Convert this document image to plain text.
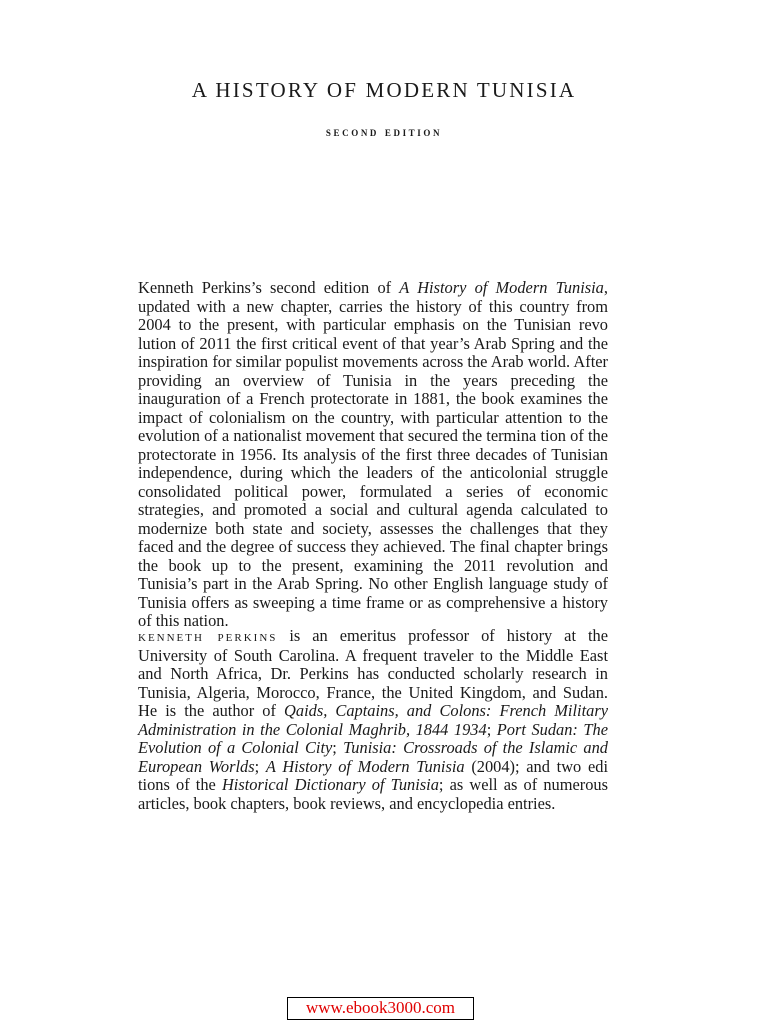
A HISTORY OF MODERN TUNISIA
second edition

Kenneth Perkins’s second edition of A History of Modern Tunisia, updated with a new chapter, carries the history of this country from 2004 to the present, with particular emphasis on the Tunisian revo lution of 2011 the first critical event of that year’s Arab Spring and the inspiration for similar populist movements across the Arab world. After providing an overview of Tunisia in the years preceding the inauguration of a French protectorate in 1881, the book examines the impact of colonialism on the country, with particular attention to the evolution of a nationalist movement that secured the termina tion of the protectorate in 1956. Its analysis of the first three decades of Tunisian independence, during which the leaders of the anticolonial struggle consolidated political power, formulated a series of economic strategies, and promoted a social and cultural agenda calculated to modernize both state and society, assesses the challenges that they faced and the degree of success they achieved. The final chapter brings the book up to the present, examining the 2011 revolution and Tunisia’s part in the Arab Spring. No other English language study of Tunisia offers as sweeping a time frame or as comprehensive a history of this nation.

kenneth perkins is an emeritus professor of history at the University of South Carolina. A frequent traveler to the Middle East and North Africa, Dr. Perkins has conducted scholarly research in Tunisia, Algeria, Morocco, France, the United Kingdom, and Sudan. He is the author of Qaids, Captains, and Colons: French Military Administration in the Colonial Maghrib, 1844 1934; Port Sudan: The Evolution of a Colonial City; Tunisia: Crossroads of the Islamic and European Worlds; A History of Modern Tunisia (2004); and two edi tions of the Historical Dictionary of Tunisia; as well as of numerous articles, book chapters, book reviews, and encyclopedia entries.

www.ebook3000.com
